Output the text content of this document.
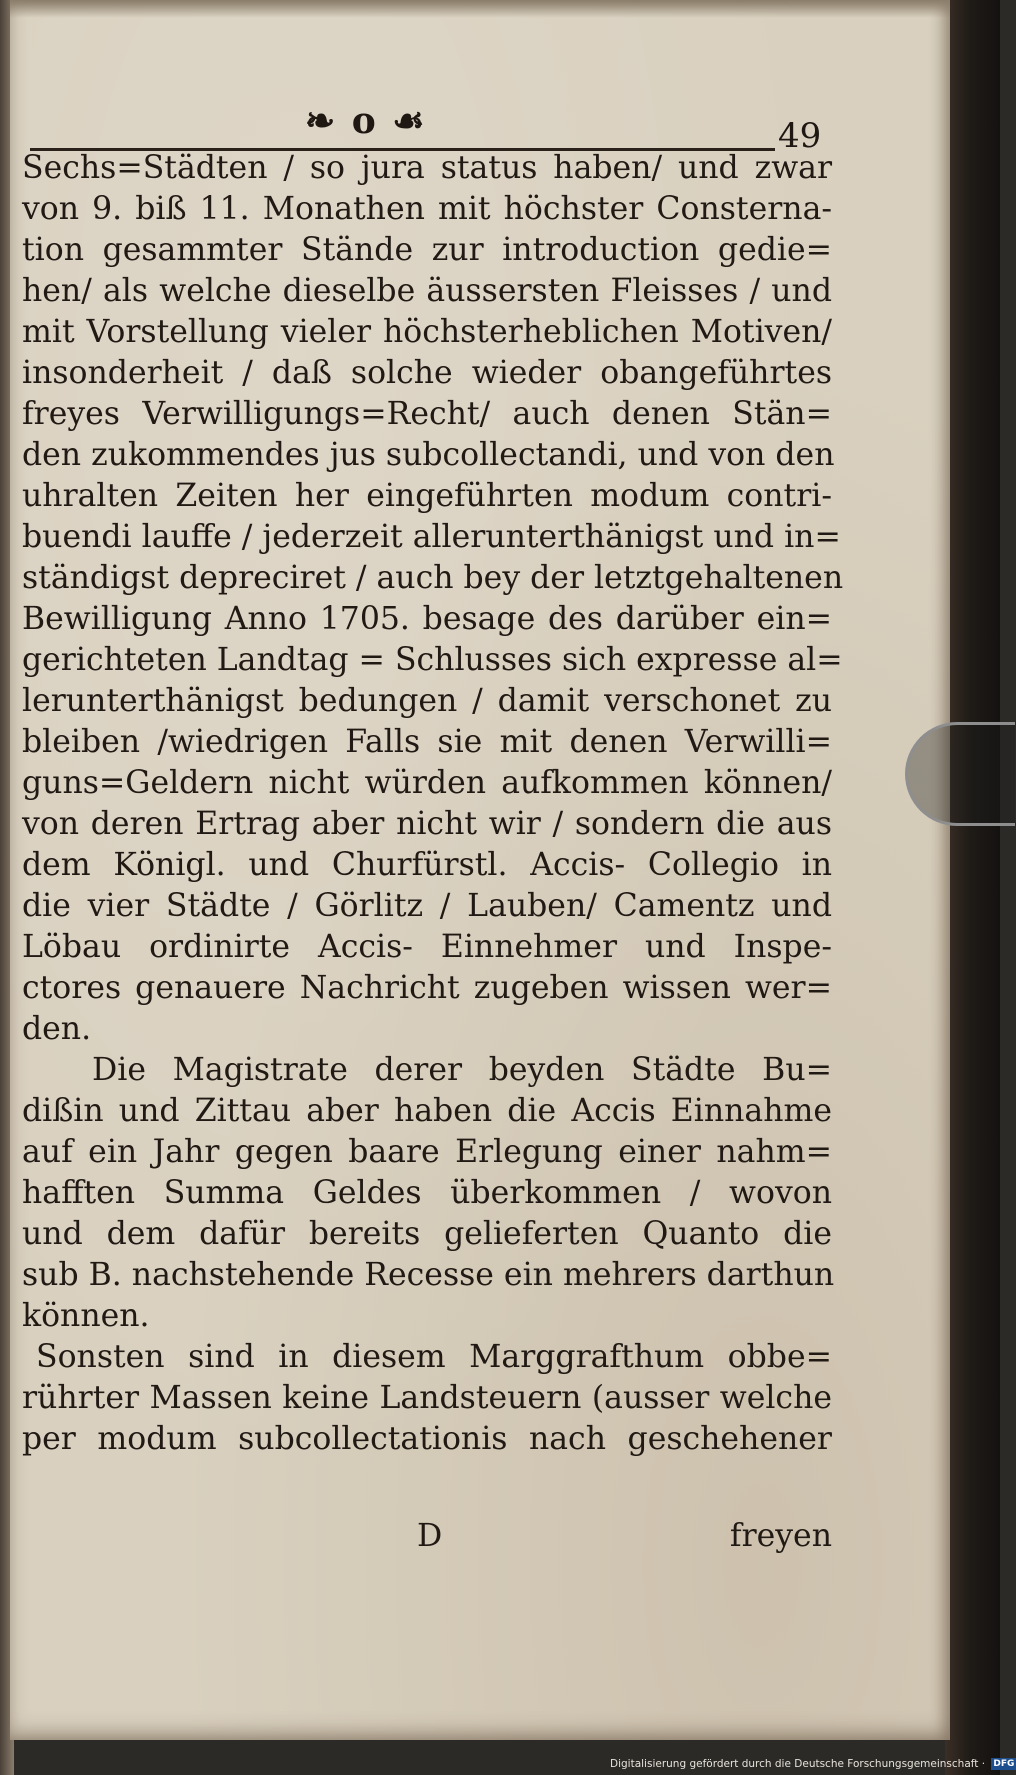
❧ o ☙	49
Sechs=Städten / so jura status haben/ und zwar
von 9. biß 11. Monathen mit höchster Consterna-
tion gesammter Stände zur introduction gedie=
hen/ als welche dieselbe äussersten Fleisses / und
mit Vorstellung vieler höchsterheblichen Motiven/
insonderheit / daß solche wieder obangeführtes
freyes Verwilligungs=Recht/ auch denen Stän=
den zukommendes jus subcollectandi, und von den
uhralten Zeiten her eingeführten modum contri-
buendi lauffe / jederzeit allerunterthänigst und in=
ständigst depreciret / auch bey der letztgehaltenen
Bewilligung Anno 1705. besage des darüber ein=
gerichteten Landtag = Schlusses sich expresse al=
lerunterthänigst bedungen / damit verschonet zu
bleiben /wiedrigen Falls sie mit denen Verwilli=
guns=Geldern nicht würden aufkommen können/
von deren Ertrag aber nicht wir / sondern die aus
dem Königl. und Churfürstl. Accis- Collegio in
die vier Städte / Görlitz / Lauben/ Camentz und
Löbau ordinirte Accis- Einnehmer und Inspe-
ctores genauere Nachricht zugeben wissen wer=
den.
Die Magistrate derer beyden Städte Bu=
dißin und Zittau aber haben die Accis Einnahme
auf ein Jahr gegen baare Erlegung einer nahm=
hafften Summa Geldes überkommen / wovon
und dem dafür bereits gelieferten Quanto die
sub B. nachstehende Recesse ein mehrers darthun
können.
Sonsten sind in diesem Marggrafthum obbe=
rührter Massen keine Landsteuern (ausser welche
per modum subcollectationis nach geschehener
D	freyen
Digitalisierung gefördert durch die Deutsche Forschungsgemeinschaft · DFG
